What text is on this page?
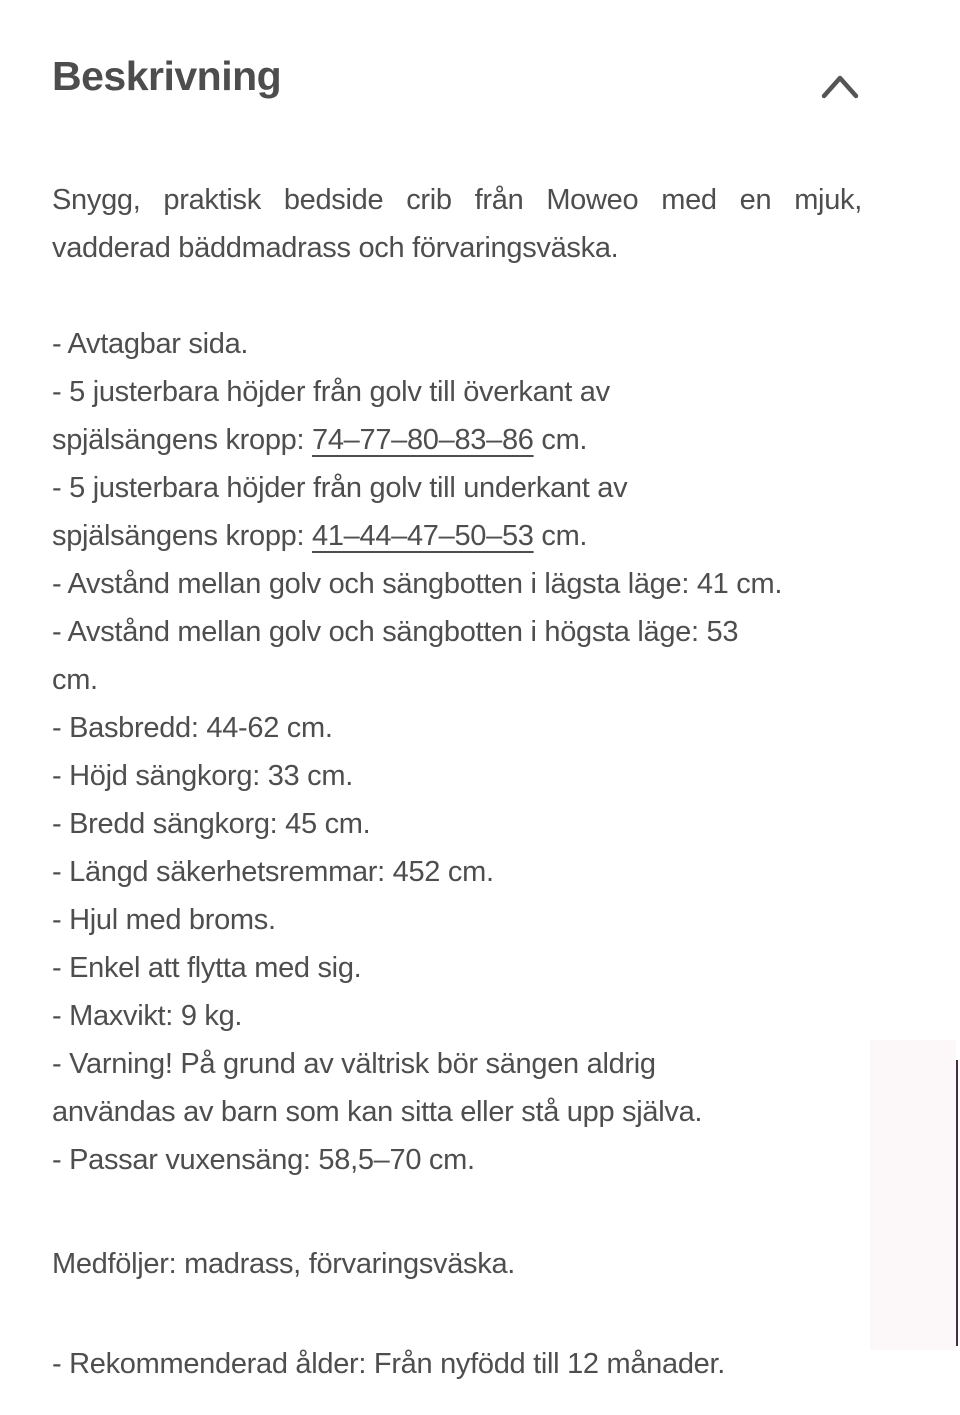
Beskrivning

Snygg, praktisk bedside crib från Moweo med en mjuk, vadderad bäddmadrass och förvaringsväska.

- Avtagbar sida.

- 5 justerbara höjder från golv till överkant av
spjälsängens kropp: 74–77–80–83–86 cm.

- 5 justerbara höjder från golv till underkant av
spjälsängens kropp: 41–44–47–50–53 cm.

- Avstånd mellan golv och sängbotten i lägsta läge: 41 cm.

- Avstånd mellan golv och sängbotten i högsta läge: 53
cm.

- Basbredd: 44-62 cm.

- Höjd sängkorg: 33 cm.

- Bredd sängkorg: 45 cm.

- Längd säkerhetsremmar: 452 cm.

- Hjul med broms.

- Enkel att flytta med sig.

- Maxvikt: 9 kg.

- Varning! På grund av vältrisk bör sängen aldrig
användas av barn som kan sitta eller stå upp själva.

- Passar vuxensäng: 58,5–70 cm.

Medföljer: madrass, förvaringsväska.

- Rekommenderad ålder: Från nyfödd till 12 månader.
